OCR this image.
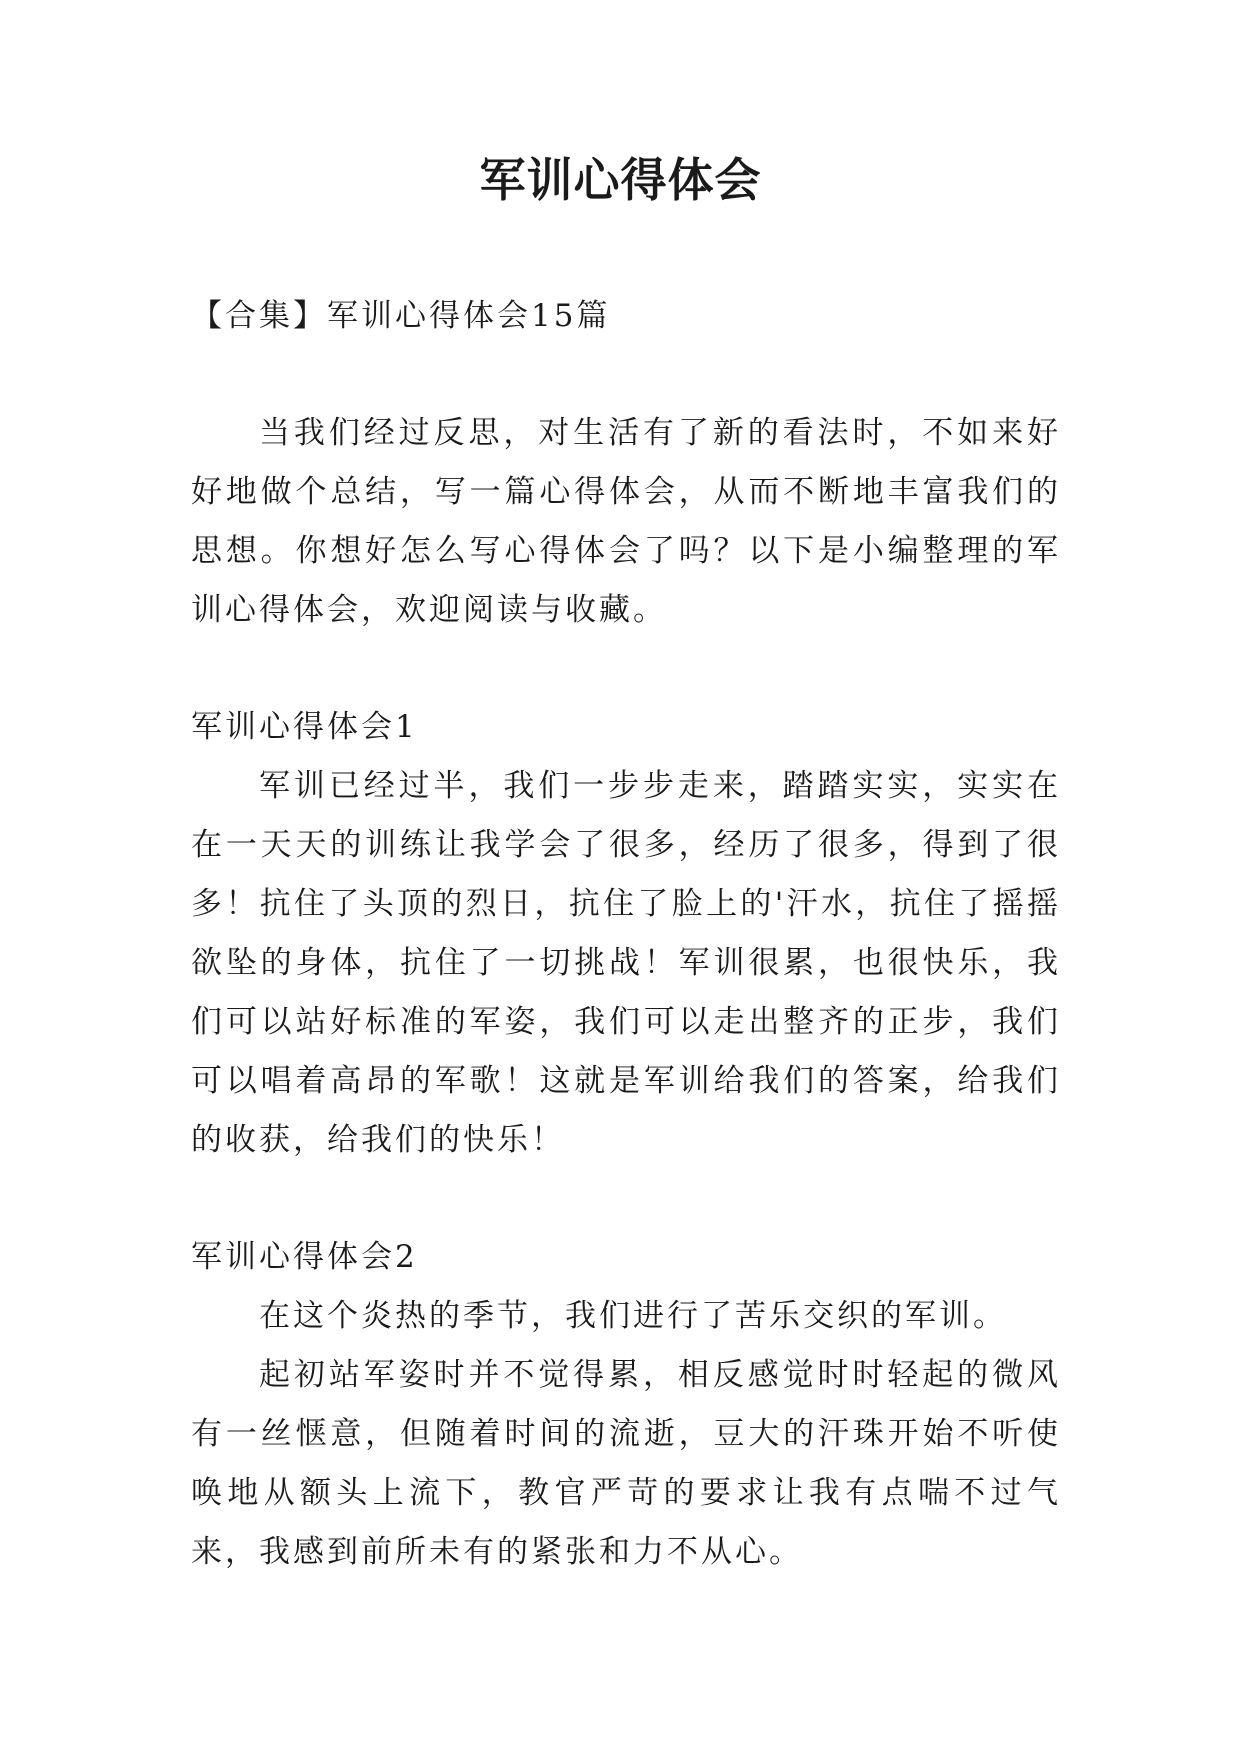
军训心得体会

【合集】军训心得体会15篇

当我们经过反思，对生活有了新的看法时，不如来好好地做个总结，写一篇心得体会，从而不断地丰富我们的思想。你想好怎么写心得体会了吗？以下是小编整理的军训心得体会，欢迎阅读与收藏。

军训心得体会1

军训已经过半，我们一步步走来，踏踏实实，实实在在一天天的训练让我学会了很多，经历了很多，得到了很多！抗住了头顶的烈日，抗住了脸上的'汗水，抗住了摇摇欲坠的身体，抗住了一切挑战！军训很累，也很快乐，我们可以站好标准的军姿，我们可以走出整齐的正步，我们可以唱着高昂的军歌！这就是军训给我们的答案，给我们的收获，给我们的快乐！

军训心得体会2

在这个炎热的季节，我们进行了苦乐交织的军训。

起初站军姿时并不觉得累，相反感觉时时轻起的微风有一丝惬意，但随着时间的流逝，豆大的汗珠开始不听使唤地从额头上流下，教官严苛的要求让我有点喘不过气来，我感到前所未有的紧张和力不从心。
